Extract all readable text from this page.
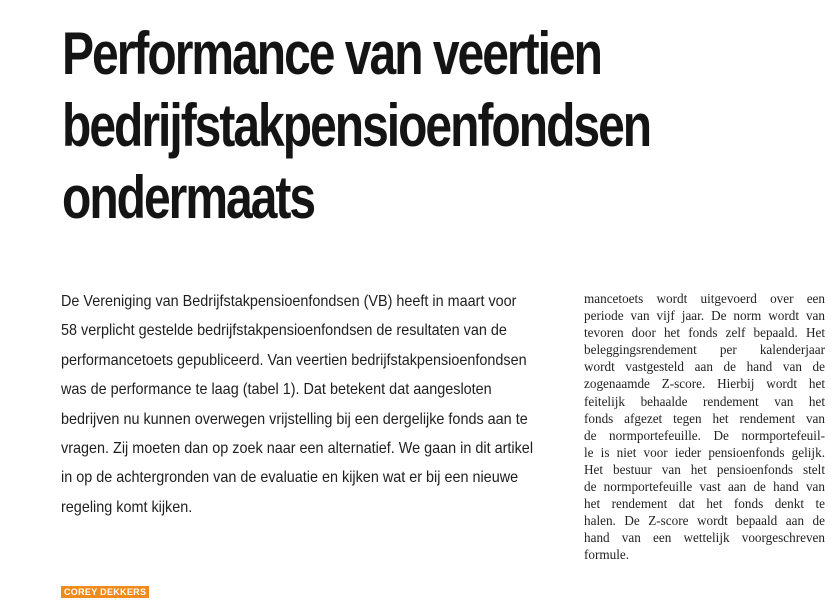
Performance van veertien
bedrijfstakpensioenfondsen
ondermaats
De Vereniging van Bedrijfstakpensioenfondsen (VB) heeft in maart voor
58 verplicht gestelde bedrijfstakpensioenfondsen de resultaten van de
performancetoets gepubliceerd. Van veertien bedrijfstakpensioenfondsen
was de performance te laag (tabel 1). Dat betekent dat aangesloten
bedrijven nu kunnen overwegen vrijstelling bij een dergelijke fonds aan te
vragen. Zij moeten dan op zoek naar een alternatief. We gaan in dit artikel
in op de achtergronden van de evaluatie en kijken wat er bij een nieuwe
regeling komt kijken.
COREY DEKKERS
mancetoets wordt uitgevoerd over een
periode van vijf jaar. De norm wordt van
tevoren door het fonds zelf bepaald. Het
beleggingsrendement per kalenderjaar
wordt vastgesteld aan de hand van de
zogenaamde Z-score. Hierbij wordt het
feitelijk behaalde rendement van het
fonds afgezet tegen het rendement van
de normportefeuille. De normportefeuil-
le is niet voor ieder pensioenfonds gelijk.
Het bestuur van het pensioenfonds stelt
de normportefeuille vast aan de hand van
het rendement dat het fonds denkt te
halen. De Z-score wordt bepaald aan de
hand van een wettelijk voorgeschreven
formule.
